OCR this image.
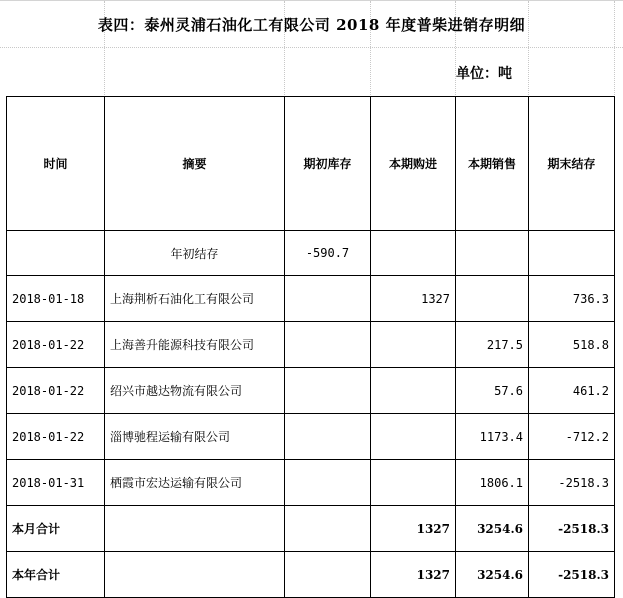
表四：泰州灵浦石油化工有限公司 2018 年度普柴进销存明细
单位：吨
时间	摘要	期初库存	本期购进	本期销售	期末结存
	年初结存	-590.7			
2018-01-18	上海荆析石油化工有限公司		1327		736.3
2018-01-22	上海善升能源科技有限公司			217.5	518.8
2018-01-22	绍兴市越达物流有限公司			57.6	461.2
2018-01-22	淄博驰程运输有限公司			1173.4	-712.2
2018-01-31	栖霞市宏达运输有限公司			1806.1	-2518.3
本月合计			1327	3254.6	-2518.3
本年合计			1327	3254.6	-2518.3
